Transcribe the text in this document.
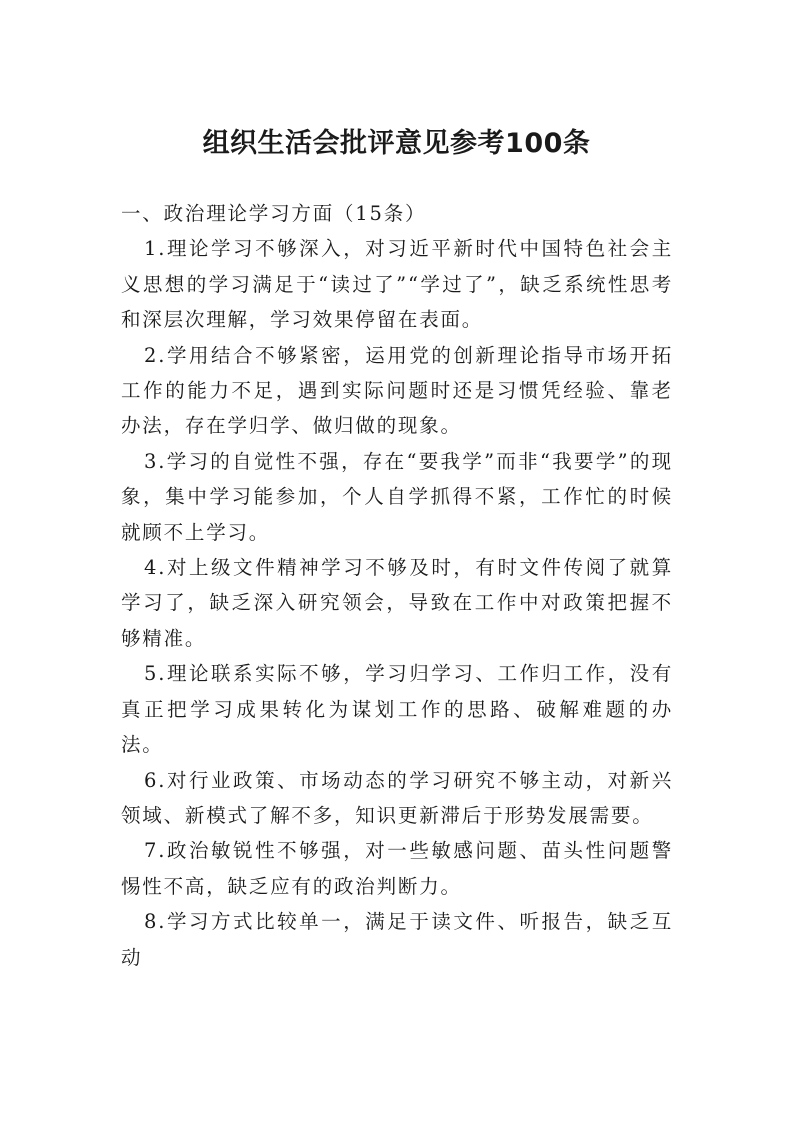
组织生活会批评意见参考100条

一、政治理论学习方面（15条）

1.理论学习不够深入，对习近平新时代中国特色社会主义思想的学习满足于“读过了”“学过了”，缺乏系统性思考和深层次理解，学习效果停留在表面。

2.学用结合不够紧密，运用党的创新理论指导市场开拓工作的能力不足，遇到实际问题时还是习惯凭经验、靠老办法，存在学归学、做归做的现象。

3.学习的自觉性不强，存在“要我学”而非“我要学”的现象，集中学习能参加，个人自学抓得不紧，工作忙的时候就顾不上学习。

4.对上级文件精神学习不够及时，有时文件传阅了就算学习了，缺乏深入研究领会，导致在工作中对政策把握不够精准。

5.理论联系实际不够，学习归学习、工作归工作，没有真正把学习成果转化为谋划工作的思路、破解难题的办法。

6.对行业政策、市场动态的学习研究不够主动，对新兴领域、新模式了解不多，知识更新滞后于形势发展需要。

7.政治敏锐性不够强，对一些敏感问题、苗头性问题警惕性不高，缺乏应有的政治判断力。

8.学习方式比较单一，满足于读文件、听报告，缺乏互动
